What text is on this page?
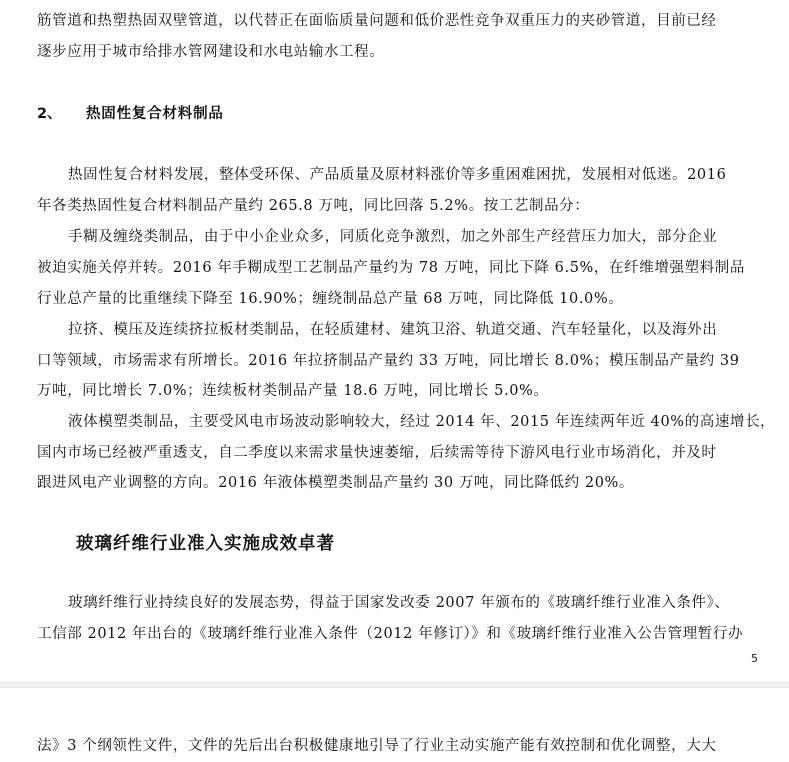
筋管道和热塑热固双壁管道，以代替正在面临质量问题和低价恶性竞争双重压力的夹砂管道，目前已经
逐步应用于城市给排水管网建设和水电站输水工程。
2、 热固性复合材料制品
热固性复合材料发展，整体受环保、产品质量及原材料涨价等多重困难困扰，发展相对低迷。2016
年各类热固性复合材料制品产量约 265.8 万吨，同比回落 5.2%。按工艺制品分：
手糊及缠绕类制品，由于中小企业众多，同质化竞争激烈，加之外部生产经营压力加大，部分企业
被迫实施关停并转。2016 年手糊成型工艺制品产量约为 78 万吨，同比下降 6.5%，在纤维增强塑料制品
行业总产量的比重继续下降至 16.90%；缠绕制品总产量 68 万吨，同比降低 10.0%。
拉挤、模压及连续挤拉板材类制品，在轻质建材、建筑卫浴、轨道交通、汽车轻量化，以及海外出
口等领域，市场需求有所增长。2016 年拉挤制品产量约 33 万吨，同比增长 8.0%；模压制品产量约 39
万吨，同比增长 7.0%；连续板材类制品产量 18.6 万吨，同比增长 5.0%。
液体模塑类制品，主要受风电市场波动影响较大，经过 2014 年、2015 年连续两年近 40%的高速增长，
国内市场已经被严重透支，自二季度以来需求量快速萎缩，后续需等待下游风电行业市场消化，并及时
跟进风电产业调整的方向。2016 年液体模塑类制品产量约 30 万吨，同比降低约 20%。
玻璃纤维行业准入实施成效卓著
玻璃纤维行业持续良好的发展态势，得益于国家发改委 2007 年颁布的《玻璃纤维行业准入条件》、
工信部 2012 年出台的《玻璃纤维行业准入条件（2012 年修订）》和《玻璃纤维行业准入公告管理暂行办
5
法》3 个纲领性文件，文件的先后出台积极健康地引导了行业主动实施产能有效控制和优化调整，大大
